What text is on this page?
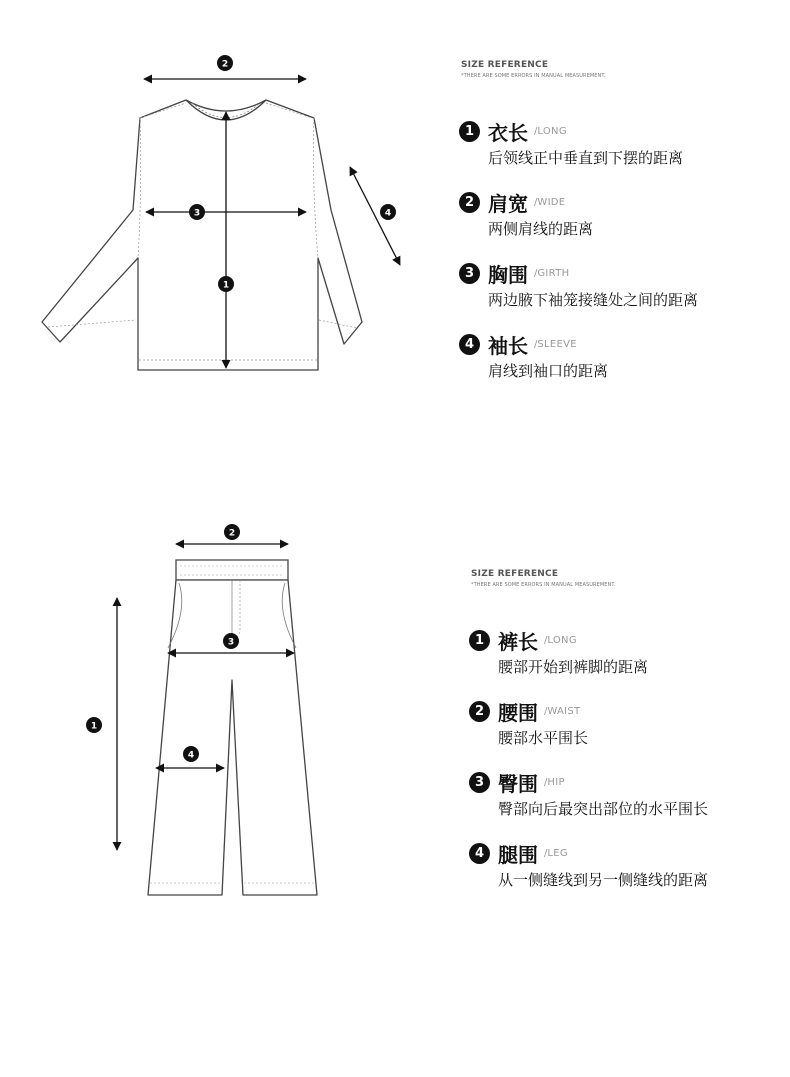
2
1
3	4
SIZE REFERENCE
*THERE ARE SOME ERRORS IN MANUAL MEASUREMENT.
1 衣长 / LONG
后领线正中垂直到下摆的距离
2 肩宽 / WIDE
两侧肩线的距离
3 胸围 / GIRTH
两边腋下袖笼接缝处之间的距离
4 袖长 / SLEEVE
肩线到袖口的距离
2
3
4
1
SIZE REFERENCE
*THERE ARE SOME ERRORS IN MANUAL MEASUREMENT.
1 裤长 / LONG
腰部开始到裤脚的距离
2 腰围 / WAIST
腰部水平围长
3 臀围 / HIP
臀部向后最突出部位的水平围长
4 腿围 / LEG
从一侧缝线到另一侧缝线的距离
